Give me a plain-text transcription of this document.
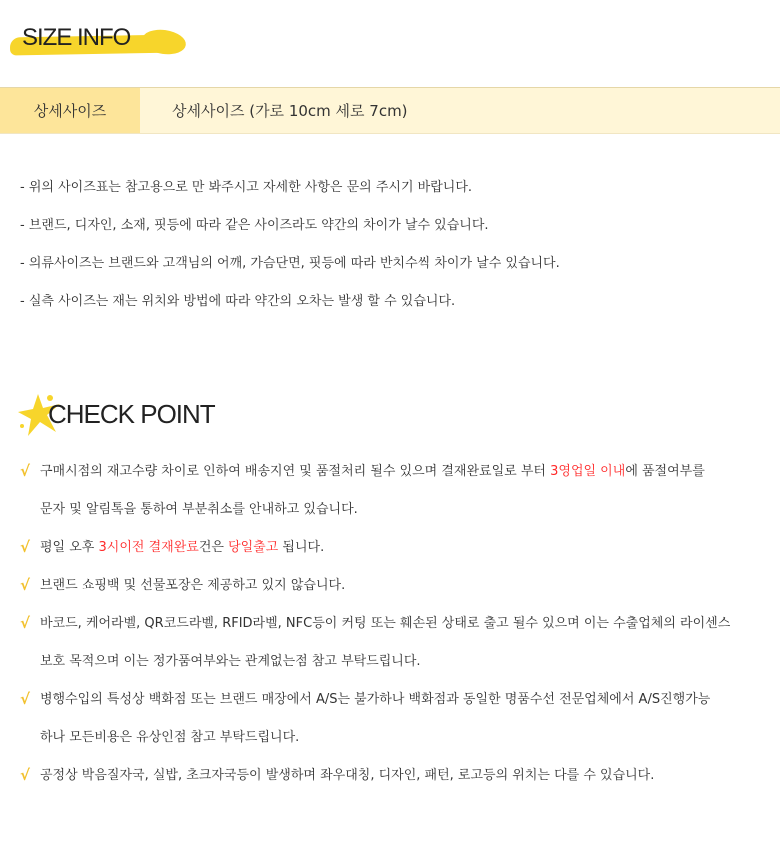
SIZE INFO
상세사이즈	상세사이즈 (가로 10cm 세로 7cm)
- 위의 사이즈표는 참고용으로 만 봐주시고 자세한 사항은 문의 주시기 바랍니다.
- 브랜드, 디자인, 소재, 핏등에 따라 같은 사이즈라도 약간의 차이가 날수 있습니다.
- 의류사이즈는 브랜드와 고객님의 어깨, 가슴단면, 핏등에 따라 반치수씩 차이가 날수 있습니다.
- 실측 사이즈는 재는 위치와 방법에 따라 약간의 오차는 발생 할 수 있습니다.
CHECK POINT
√ 구매시점의 재고수량 차이로 인하여 배송지연 및 품절처리 될수 있으며 결재완료일로 부터 3영업일 이내에 품절여부를
문자 및 알림톡을 통하여 부분취소를 안내하고 있습니다.
√ 평일 오후 3시이전 결재완료건은 당일출고 됩니다.
√ 브랜드 쇼핑백 및 선물포장은 제공하고 있지 않습니다.
√ 바코드, 케어라벨, QR코드라벨, RFID라벨, NFC등이 커팅 또는 훼손된 상태로 출고 될수 있으며 이는 수출업체의 라이센스
보호 목적으며 이는 정가품여부와는 관계없는점 참고 부탁드립니다.
√ 병행수입의 특성상 백화점 또는 브랜드 매장에서 A/S는 불가하나 백화점과 동일한 명품수선 전문업체에서 A/S진행가능
하나 모든비용은 유상인점 참고 부탁드립니다.
√ 공정상 박음질자국, 실밥, 초크자국등이 발생하며 좌우대칭, 디자인, 패턴, 로고등의 위치는 다를 수 있습니다.
